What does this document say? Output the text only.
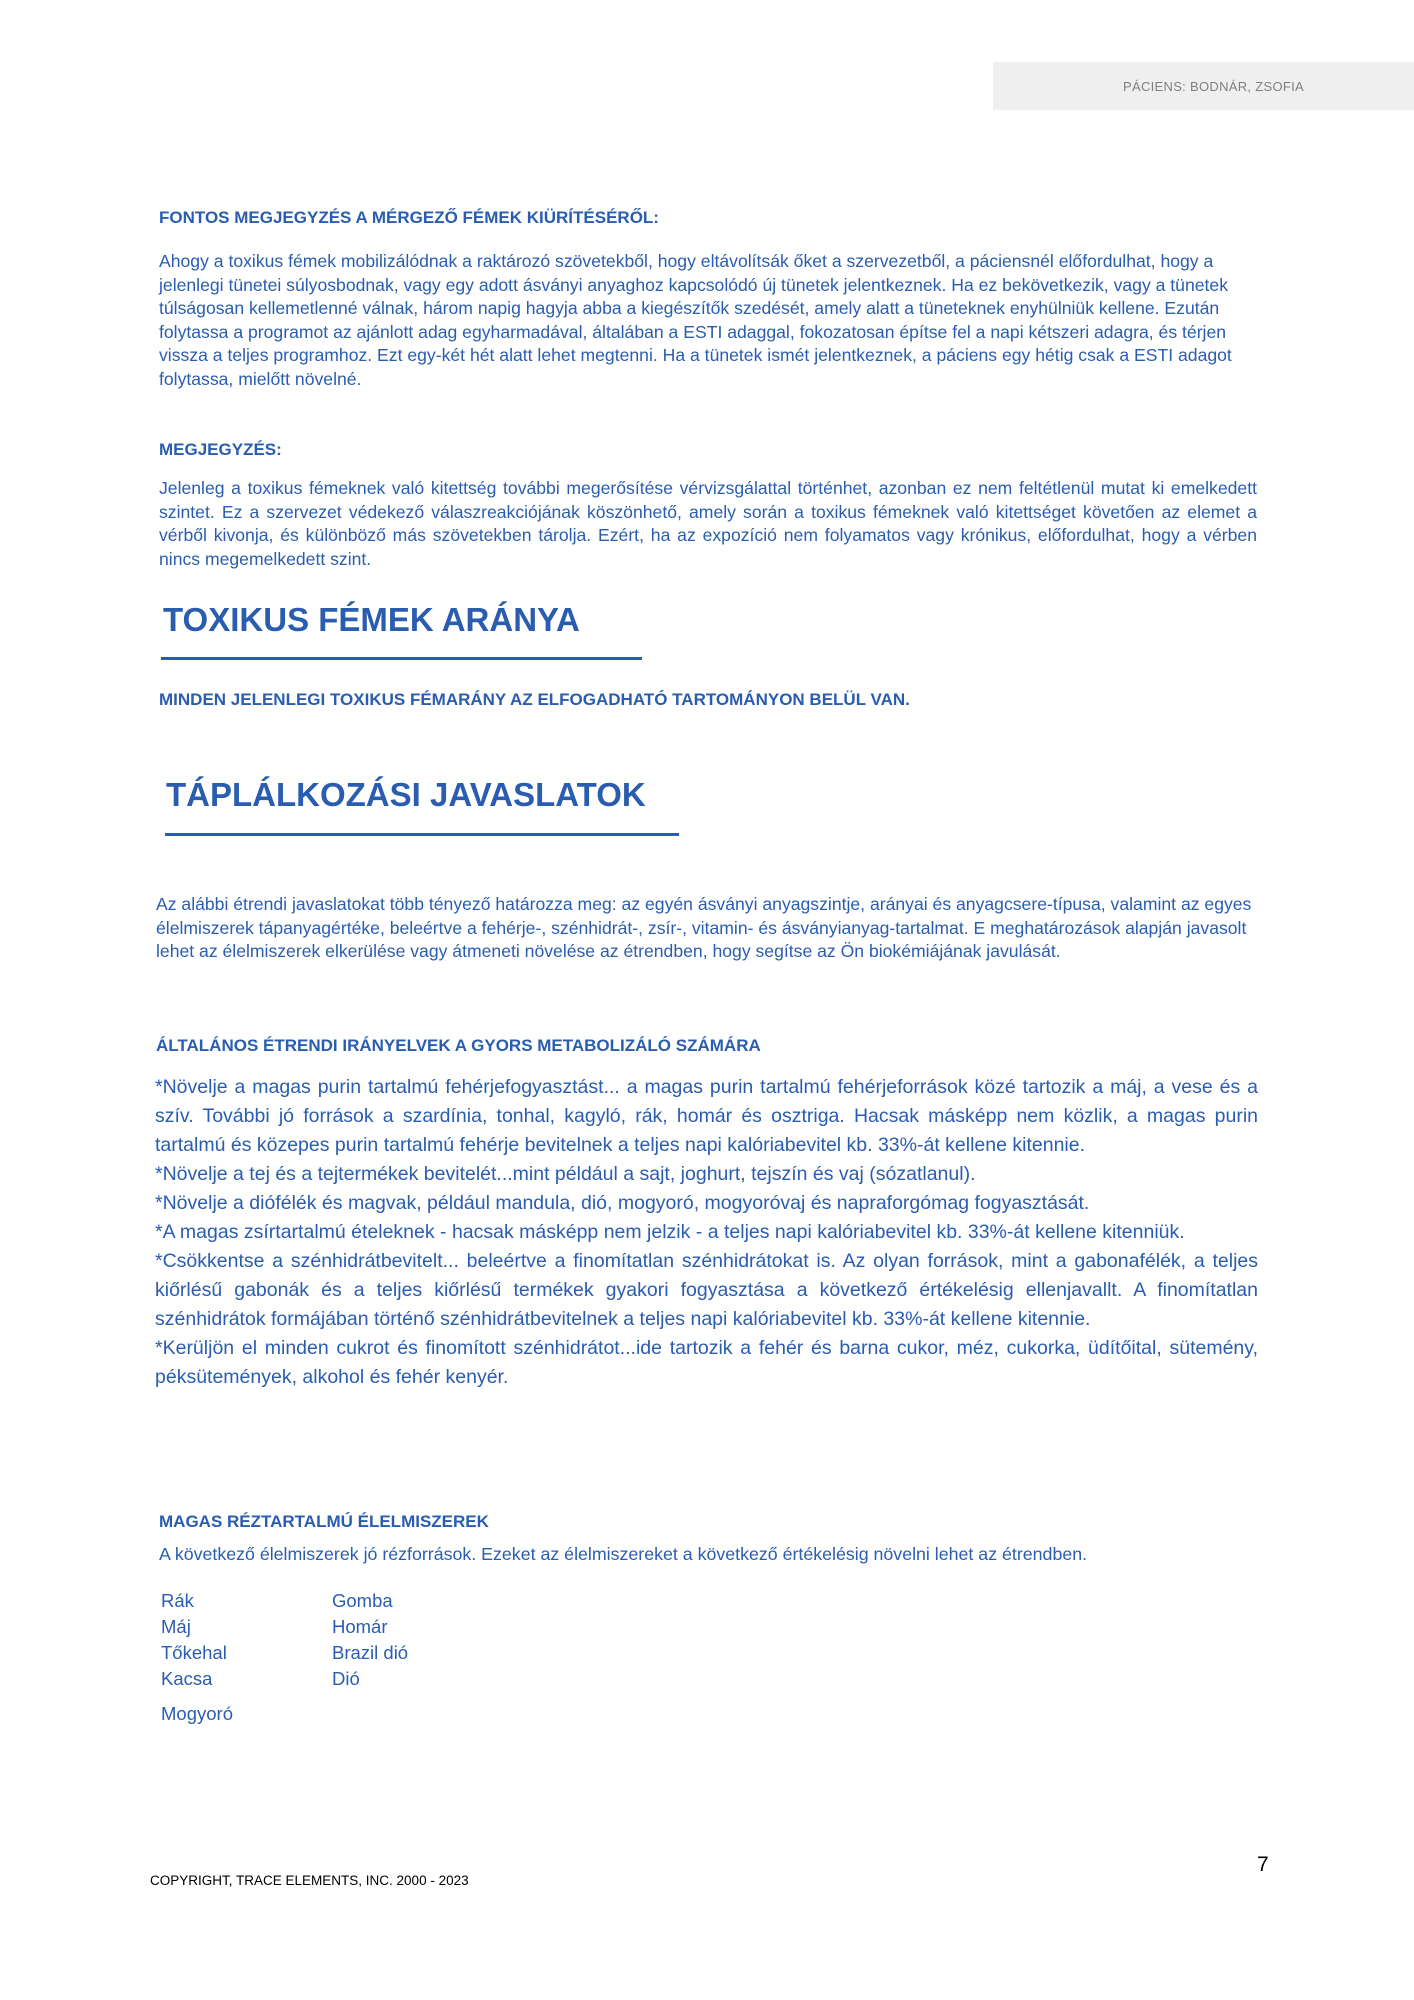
PÁCIENS: BODNÁR, ZSOFIA
FONTOS MEGJEGYZÉS A MÉRGEZŐ FÉMEK KIÜRÍTÉSÉRŐL:

Ahogy a toxikus fémek mobilizálódnak a raktározó szövetekből, hogy eltávolítsák őket a szervezetből, a páciensnél előfordulhat, hogy a jelenlegi tünetei súlyosbodnak, vagy egy adott ásványi anyaghoz kapcsolódó új tünetek jelentkeznek. Ha ez bekövetkezik, vagy a tünetek túlságosan kellemetlenné válnak, három napig hagyja abba a kiegészítők szedését, amely alatt a tüneteknek enyhülniük kellene. Ezután folytassa a programot az ajánlott adag egyharmadával, általában a ESTI adaggal, fokozatosan építse fel a napi kétszeri adagra, és térjen vissza a teljes programhoz. Ezt egy-két hét alatt lehet megtenni. Ha a tünetek ismét jelentkeznek, a páciens egy hétig csak a ESTI adagot folytassa, mielőtt növelné.

MEGJEGYZÉS:

Jelenleg a toxikus fémeknek való kitettség további megerősítése vérvizsgálattal történhet, azonban ez nem feltétlenül mutat ki emelkedett szintet. Ez a szervezet védekező válaszreakciójának köszönhető, amely során a toxikus fémeknek való kitettséget követően az elemet a vérből kivonja, és különböző más szövetekben tárolja. Ezért, ha az expozíció nem folyamatos vagy krónikus, előfordulhat, hogy a vérben nincs megemelkedett szint.

TOXIKUS FÉMEK ARÁNYA
MINDEN JELENLEGI TOXIKUS FÉMARÁNY AZ ELFOGADHATÓ TARTOMÁNYON BELÜL VAN.
TÁPLÁLKOZÁSI JAVASLATOK

Az alábbi étrendi javaslatokat több tényező határozza meg: az egyén ásványi anyagszintje, arányai és anyagcsere-típusa, valamint az egyes élelmiszerek tápanyagértéke, beleértve a fehérje-, szénhidrát-, zsír-, vitamin- és ásványianyag-tartalmat. E meghatározások alapján javasolt lehet az élelmiszerek elkerülése vagy átmeneti növelése az étrendben, hogy segítse az Ön biokémiájának javulását.

ÁLTALÁNOS ÉTRENDI IRÁNYELVEK A GYORS METABOLIZÁLÓ SZÁMÁRA
*Növelje a magas purin tartalmú fehérjefogyasztást... a magas purin tartalmú fehérjeforrások közé tartozik a máj, a vese és a szív. További jó források a szardínia, tonhal, kagyló, rák, homár és osztriga. Hacsak másképp nem közlik, a magas purin tartalmú és közepes purin tartalmú fehérje bevitelnek a teljes napi kalóriabevitel kb. 33%-át kellene kitennie.
*Növelje a tej és a tejtermékek bevitelét...mint például a sajt, joghurt, tejszín és vaj (sózatlanul).
*Növelje a diófélék és magvak, például mandula, dió, mogyoró, mogyoróvaj és napraforgómag fogyasztását.
*A magas zsírtartalmú ételeknek - hacsak másképp nem jelzik - a teljes napi kalóriabevitel kb. 33%-át kellene kitenniük.
*Csökkentse a szénhidrátbevitelt... beleértve a finomítatlan szénhidrátokat is. Az olyan források, mint a gabonafélék, a teljes kiőrlésű gabonák és a teljes kiőrlésű termékek gyakori fogyasztása a következő értékelésig ellenjavallt. A finomítatlan szénhidrátok formájában történő szénhidrátbevitelnek a teljes napi kalóriabevitel kb. 33%-át kellene kitennie.
*Kerüljön el minden cukrot és finomított szénhidrátot...ide tartozik a fehér és barna cukor, méz, cukorka, üdítőital, sütemény, péksütemények, alkohol és fehér kenyér.
MAGAS RÉZTARTALMÚ ÉLELMISZEREK

A következő élelmiszerek jó rézforrások. Ezeket az élelmiszereket a következő értékelésig növelni lehet az étrendben.

Rák
Máj
Tőkehal
Kacsa
Gomba
Homár
Brazil dió
Dió
Mogyoró
COPYRIGHT, TRACE ELEMENTS, INC. 2000 - 2023
7
